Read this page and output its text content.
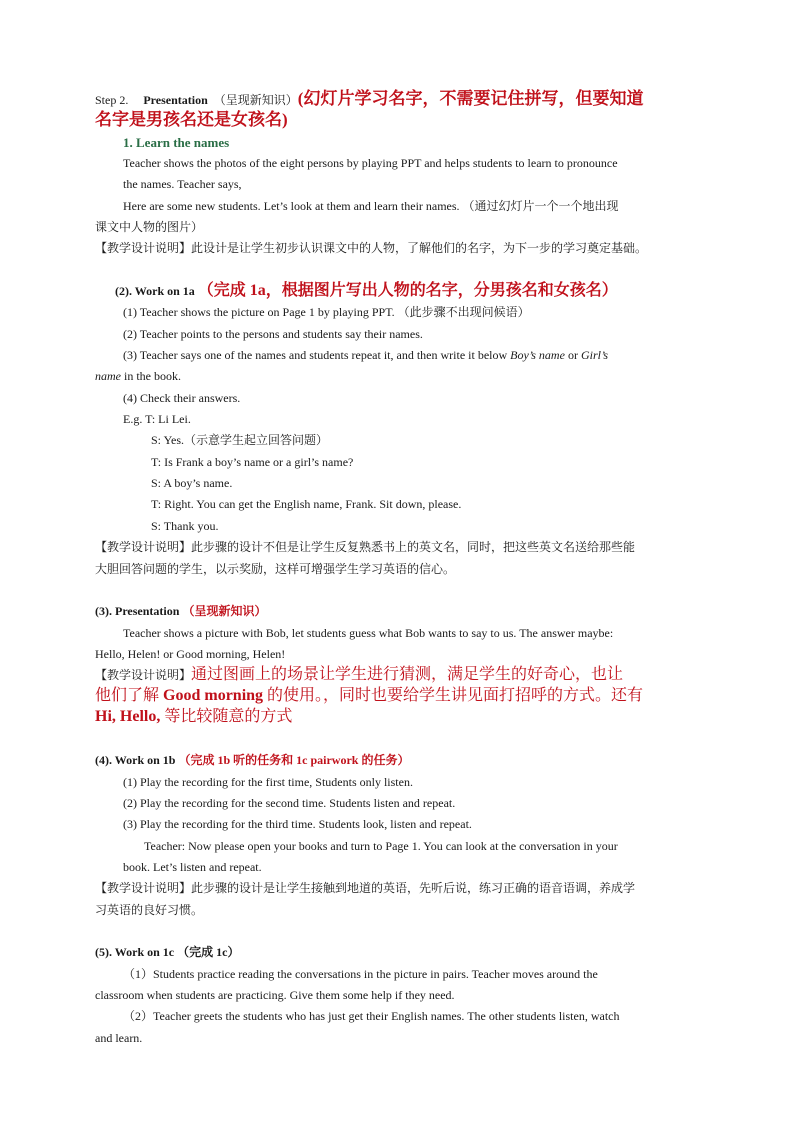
Step 2. Presentation （呈现新知识）(幻灯片学习名字，不需要记住拼写，但要知道
名字是男孩名还是女孩名)
1. Learn the names
Teacher shows the photos of the eight persons by playing PPT and helps students to learn to pronounce
the names. Teacher says,
Here are some new students. Let’s look at them and learn their names. （通过幻灯片一个一个地出现
课文中人物的图片）
【教学设计说明】此设计是让学生初步认识课文中的人物，了解他们的名字，为下一步的学习奠定基础。
(2). Work on 1a （完成 1a，根据图片写出人物的名字，分男孩名和女孩名）
(1) Teacher shows the picture on Page 1 by playing PPT. （此步骤不出现问候语）
(2) Teacher points to the persons and students say their names.
(3) Teacher says one of the names and students repeat it, and then write it below Boy’s name or Girl’s
name in the book.
(4) Check their answers.
E.g. T: Li Lei.
S: Yes.（示意学生起立回答问题）
T: Is Frank a boy’s name or a girl’s name?
S: A boy’s name.
T: Right. You can get the English name, Frank. Sit down, please.
S: Thank you.
【教学设计说明】此步骤的设计不但是让学生反复熟悉书上的英文名，同时，把这些英文名送给那些能
大胆回答问题的学生，以示奖励，这样可增强学生学习英语的信心。
(3). Presentation （呈现新知识）
Teacher shows a picture with Bob, let students guess what Bob wants to say to us. The answer maybe:
Hello, Helen! or Good morning, Helen!
【教学设计说明】通过图画上的场景让学生进行猜测，满足学生的好奇心，也让
他们了解 Good morning 的使用。，同时也要给学生讲见面打招呼的方式。还有
Hi, Hello, 等比较随意的方式
(4). Work on 1b （完成 1b 听的任务和 1c pairwork 的任务）
(1) Play the recording for the first time, Students only listen.
(2) Play the recording for the second time. Students listen and repeat.
(3) Play the recording for the third time. Students look, listen and repeat.
Teacher: Now please open your books and turn to Page 1. You can look at the conversation in your
book. Let’s listen and repeat.
【教学设计说明】此步骤的设计是让学生接触到地道的英语，先听后说，练习正确的语音语调，养成学
习英语的良好习惯。
(5). Work on 1c （完成 1c）
（1）Students practice reading the conversations in the picture in pairs. Teacher moves around the
classroom when students are practicing. Give them some help if they need.
（2）Teacher greets the students who has just get their English names. The other students listen, watch
and learn.
